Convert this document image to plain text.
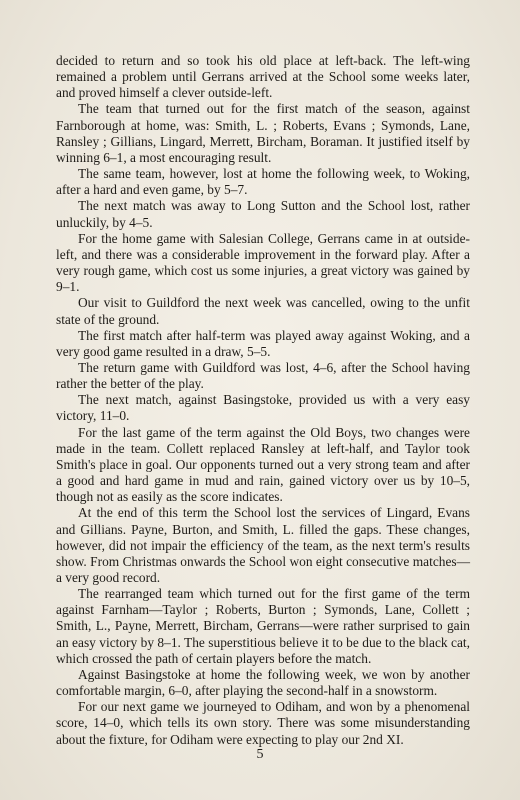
decided to return and so took his old place at left-back. The left-wing remained a problem until Gerrans arrived at the School some weeks later, and proved himself a clever outside-left.

The team that turned out for the first match of the season, against Farnborough at home, was: Smith, L. ; Roberts, Evans ; Symonds, Lane, Ransley ; Gillians, Lingard, Merrett, Bircham, Boraman. It justified itself by winning 6–1, a most encouraging result.

The same team, however, lost at home the following week, to Woking, after a hard and even game, by 5–7.

The next match was away to Long Sutton and the School lost, rather unluckily, by 4–5.

For the home game with Salesian College, Gerrans came in at outside-left, and there was a considerable improvement in the forward play. After a very rough game, which cost us some injuries, a great victory was gained by 9–1.

Our visit to Guildford the next week was cancelled, owing to the unfit state of the ground.

The first match after half-term was played away against Woking, and a very good game resulted in a draw, 5–5.

The return game with Guildford was lost, 4–6, after the School having rather the better of the play.

The next match, against Basingstoke, provided us with a very easy victory, 11–0.

For the last game of the term against the Old Boys, two changes were made in the team. Collett replaced Ransley at left-half, and Taylor took Smith's place in goal. Our opponents turned out a very strong team and after a good and hard game in mud and rain, gained victory over us by 10–5, though not as easily as the score indicates.

At the end of this term the School lost the services of Lingard, Evans and Gillians. Payne, Burton, and Smith, L. filled the gaps. These changes, however, did not impair the efficiency of the team, as the next term's results show. From Christmas onwards the School won eight consecutive matches—a very good record.

The rearranged team which turned out for the first game of the term against Farnham—Taylor ; Roberts, Burton ; Symonds, Lane, Collett ; Smith, L., Payne, Merrett, Bircham, Gerrans—were rather surprised to gain an easy victory by 8–1. The superstitious believe it to be due to the black cat, which crossed the path of certain players before the match.

Against Basingstoke at home the following week, we won by another comfortable margin, 6–0, after playing the second-half in a snowstorm.

For our next game we journeyed to Odiham, and won by a phenomenal score, 14–0, which tells its own story. There was some misunderstanding about the fixture, for Odiham were expecting to play our 2nd XI.

5
